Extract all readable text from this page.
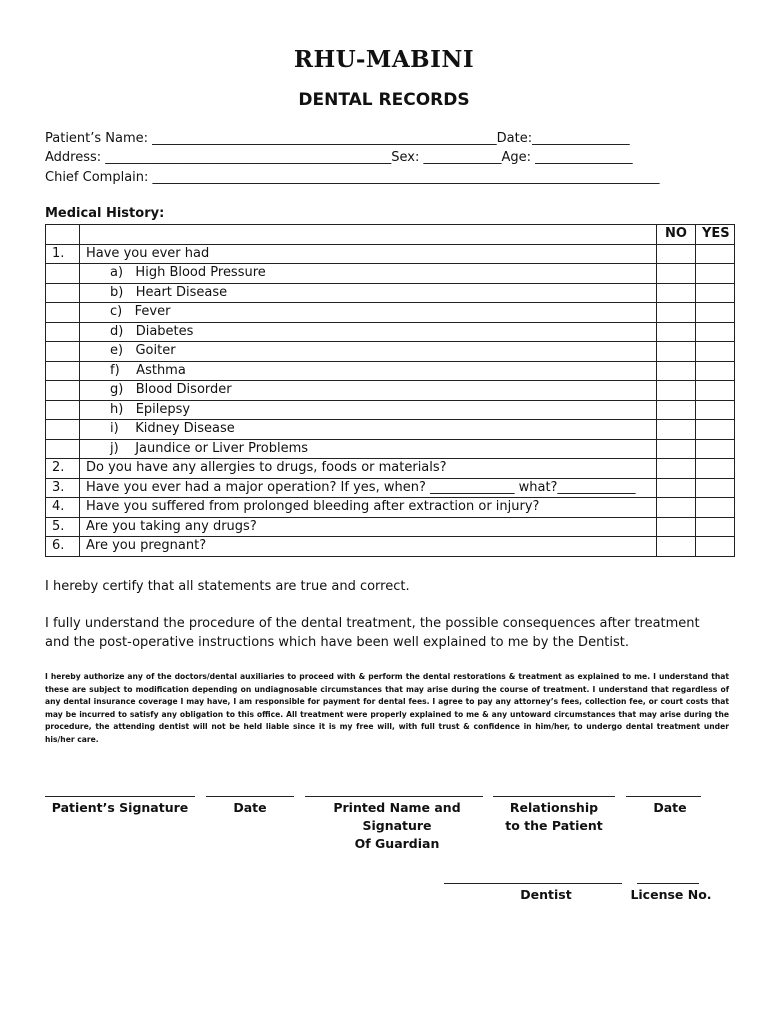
RHU-MABINI
DENTAL RECORDS
Patient’s Name: _____________________________________________________Date:_______________
Address: ____________________________________________Sex: ____________Age: _______________
Chief Complain: ______________________________________________________________________________
Medical History:
		NO	YES
1.	Have you ever had		
	a)   High Blood Pressure		
	b)   Heart Disease		
	c)   Fever		
	d)   Diabetes		
	e)   Goiter		
	f)    Asthma		
	g)   Blood Disorder		
	h)   Epilepsy		
	i)    Kidney Disease		
	j)    Jaundice or Liver Problems		
2.	Do you have any allergies to drugs, foods or materials?		
3.	Have you ever had a major operation? If yes, when? _____________ what?____________		
4.	Have you suffered from prolonged bleeding after extraction or injury?		
5.	Are you taking any drugs?		
6.	Are you pregnant?		
I hereby certify that all statements are true and correct.
I fully understand the procedure of the dental treatment, the possible consequences after treatment and the post-operative instructions which have been well explained to me by the Dentist.
I hereby authorize any of the doctors/dental auxiliaries to proceed with & perform the dental restorations & treatment as explained to me. I understand that these are subject to modification depending on undiagnosable circumstances that may arise during the course of treatment. I understand that regardless of any dental insurance coverage I may have, I am responsible for payment for dental fees. I agree to pay any attorney’s fees, collection fee, or court costs that may be incurred to satisfy any obligation to this office. All treatment were properly explained to me & any untoward circumstances that may arise during the procedure, the attending dentist will not be held liable since it is my free will, with full trust & confidence in him/her, to undergo dental treatment under his/her care.
Patient’s Signature	Date	Printed Name and Signature
Of Guardian
Relationship
to the Patient
Date
Dentist	License No.
